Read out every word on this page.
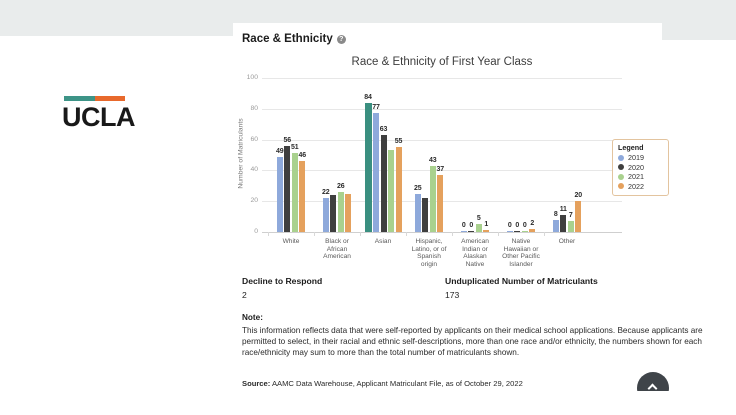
UCLA
Race & Ethnicity ?
Race & Ethnicity of First Year Class
Number of Matriculants
0
20
40
60
80
100
49
56
51
46
White
22
26
Black or
African
American
84
77
63
55
Asian
25
43
37
Hispanic,
Latino, or of
Spanish
origin
0 0
5
1
American
Indian or
Alaskan
Native
0 0 0 2
Native
Hawaiian or
Other Pacific
Islander
8
11
7
20
Other
Legend
2019
2020
2021
2022
Decline to Respond
2
Unduplicated Number of Matriculants
173
Note:
This information reflects data that were self-reported by applicants on their medical school applications. Because applicants are permitted to select, in their racial and ethnic self-descriptions, more than one race and/or ethnicity, the numbers shown for each race/ethnicity may sum to more than the total number of matriculants shown.
Source: AAMC Data Warehouse, Applicant Matriculant File, as of October 29, 2022
